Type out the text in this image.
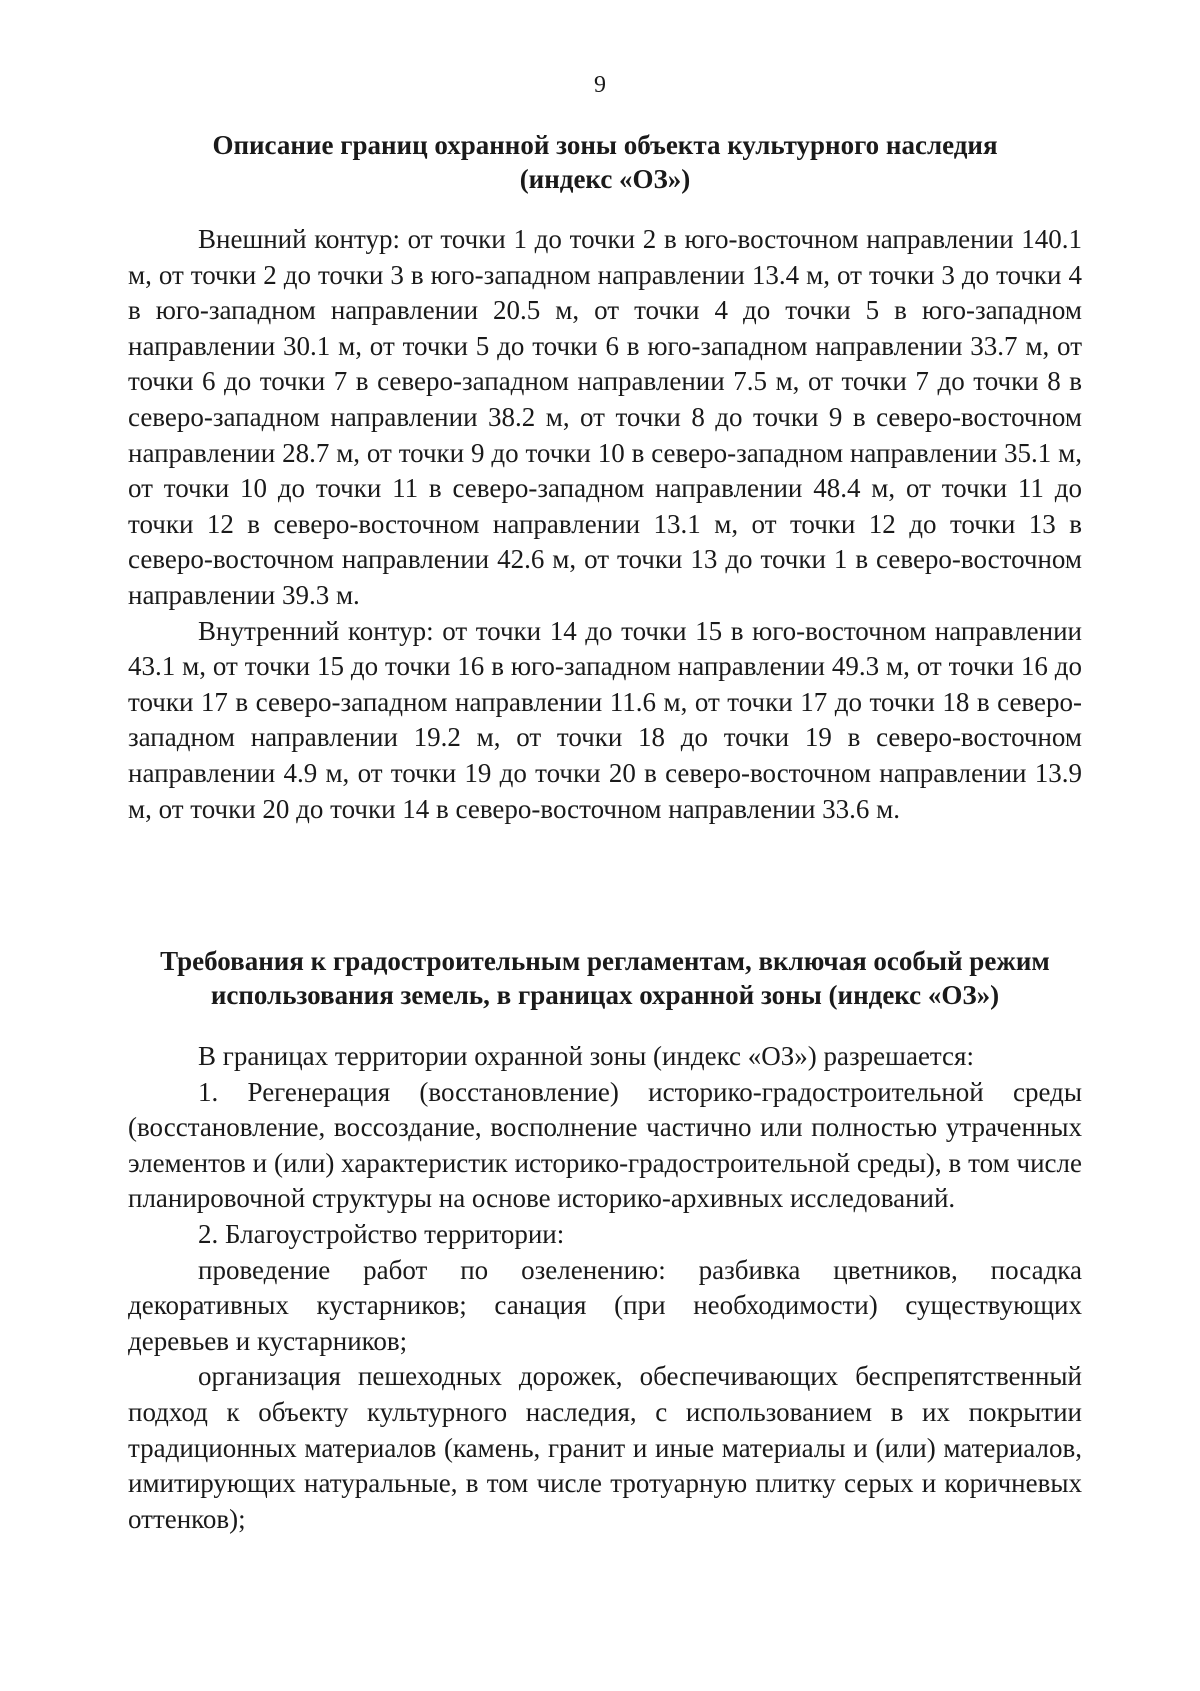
9
Описание границ охранной зоны объекта культурного наследия
(индекс «ОЗ»)

Внешний контур: от точки 1 до точки 2 в юго-восточном направлении 140.1 м, от точки 2 до точки 3 в юго-западном направлении 13.4 м, от точки 3 до точки 4 в юго-западном направлении 20.5 м, от точки 4 до точки 5 в юго-западном направлении 30.1 м, от точки 5 до точки 6 в юго-западном направлении 33.7 м, от точки 6 до точки 7 в северо-западном направлении 7.5 м, от точки 7 до точки 8 в северо-западном направлении 38.2 м, от точки 8 до точки 9 в северо-восточном направлении 28.7 м, от точки 9 до точки 10 в северо-западном направлении 35.1 м, от точки 10 до точки 11 в северо-западном направлении 48.4 м, от точки 11 до точки 12 в северо-восточном направлении 13.1 м, от точки 12 до точки 13 в северо-восточном направлении 42.6 м, от точки 13 до точки 1 в северо-восточном направлении 39.3 м.

Внутренний контур: от точки 14 до точки 15 в юго-восточном направлении 43.1 м, от точки 15 до точки 16 в юго-западном направлении 49.3 м, от точки 16 до точки 17 в северо-западном направлении 11.6 м, от точки 17 до точки 18 в северо-западном направлении 19.2 м, от точки 18 до точки 19 в северо-восточном направлении 4.9 м, от точки 19 до точки 20 в северо-восточном направлении 13.9 м, от точки 20 до точки 14 в северо-восточном направлении 33.6 м.

Требования к градостроительным регламентам, включая особый режим
использования земель, в границах охранной зоны (индекс «ОЗ»)

В границах территории охранной зоны (индекс «ОЗ») разрешается:

1. Регенерация (восстановление) историко-градостроительной среды (восстановление, воссоздание, восполнение частично или полностью утраченных элементов и (или) характеристик историко-градостроительной среды), в том числе планировочной структуры на основе историко-архивных исследований.

2. Благоустройство территории:

проведение работ по озеленению: разбивка цветников, посадка декоративных кустарников; санация (при необходимости) существующих деревьев и кустарников;

организация пешеходных дорожек, обеспечивающих беспрепятственный подход к объекту культурного наследия, с использованием в их покрытии традиционных материалов (камень, гранит и иные материалы и (или) материалов, имитирующих натуральные, в том числе тротуарную плитку серых и коричневых оттенков);
